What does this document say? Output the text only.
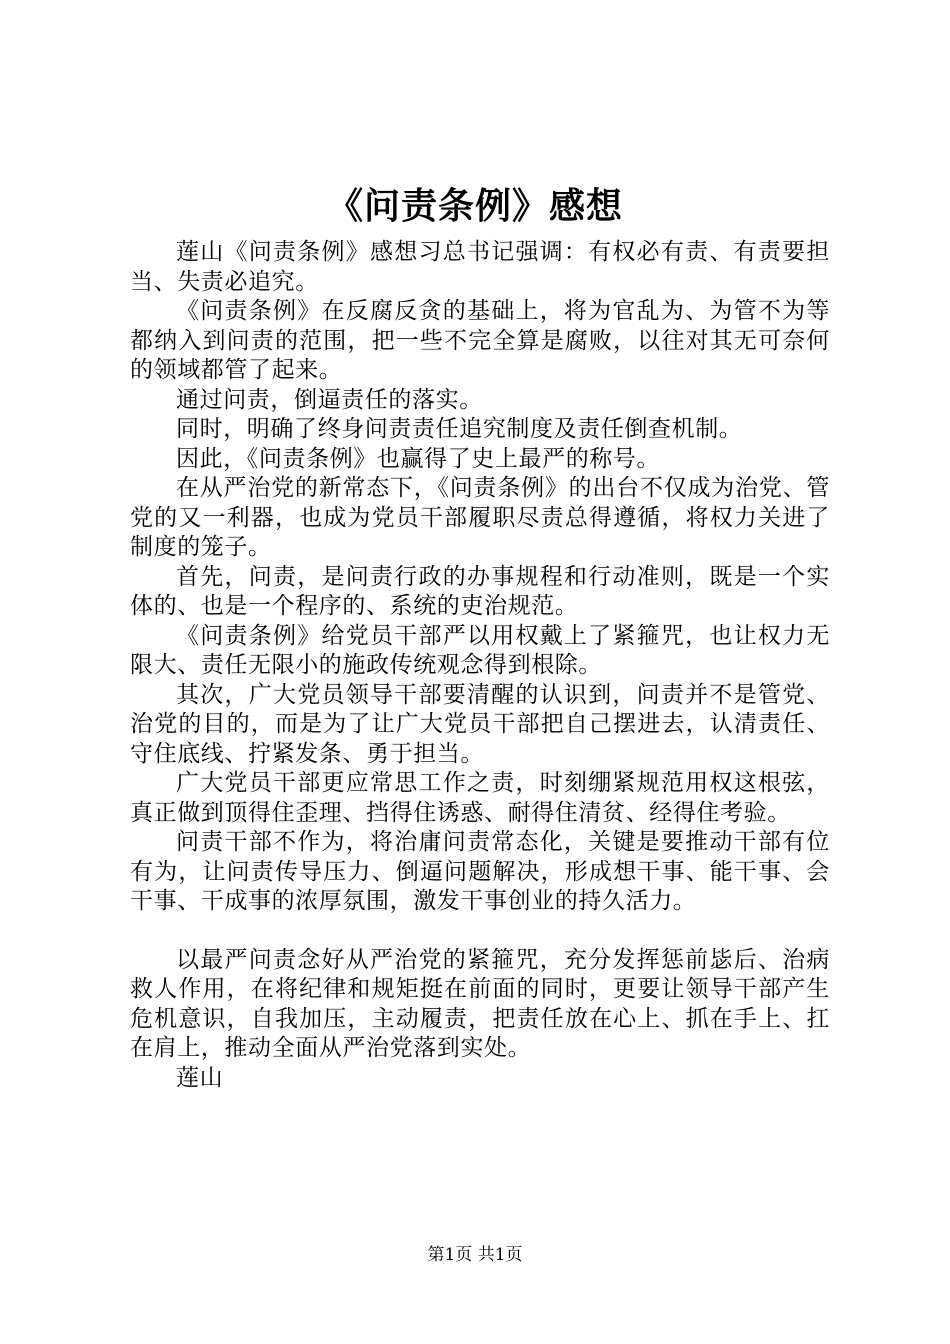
《问责条例》感想

莲山《问责条例》感想习总书记强调：有权必有责、有责要担当、失责必追究。

《问责条例》在反腐反贪的基础上，将为官乱为、为管不为等都纳入到问责的范围，把一些不完全算是腐败，以往对其无可奈何的领域都管了起来。

通过问责，倒逼责任的落实。

同时，明确了终身问责责任追究制度及责任倒查机制。

因此，《问责条例》也赢得了史上最严的称号。

在从严治党的新常态下，《问责条例》的出台不仅成为治党、管党的又一利器，也成为党员干部履职尽责总得遵循，将权力关进了制度的笼子。

首先，问责，是问责行政的办事规程和行动准则，既是一个实体的、也是一个程序的、系统的吏治规范。

《问责条例》给党员干部严以用权戴上了紧箍咒，也让权力无限大、责任无限小的施政传统观念得到根除。

其次，广大党员领导干部要清醒的认识到，问责并不是管党、治党的目的，而是为了让广大党员干部把自己摆进去，认清责任、守住底线、拧紧发条、勇于担当。

广大党员干部更应常思工作之责，时刻绷紧规范用权这根弦，真正做到顶得住歪理、挡得住诱惑、耐得住清贫、经得住考验。

问责干部不作为，将治庸问责常态化，关键是要推动干部有位有为，让问责传导压力、倒逼问题解决，形成想干事、能干事、会干事、干成事的浓厚氛围，激发干事创业的持久活力。

以最严问责念好从严治党的紧箍咒，充分发挥惩前毖后、治病救人作用，在将纪律和规矩挺在前面的同时，更要让领导干部产生危机意识，自我加压，主动履责，把责任放在心上、抓在手上、扛在肩上，推动全面从严治党落到实处。

莲山

第1页 共1页
